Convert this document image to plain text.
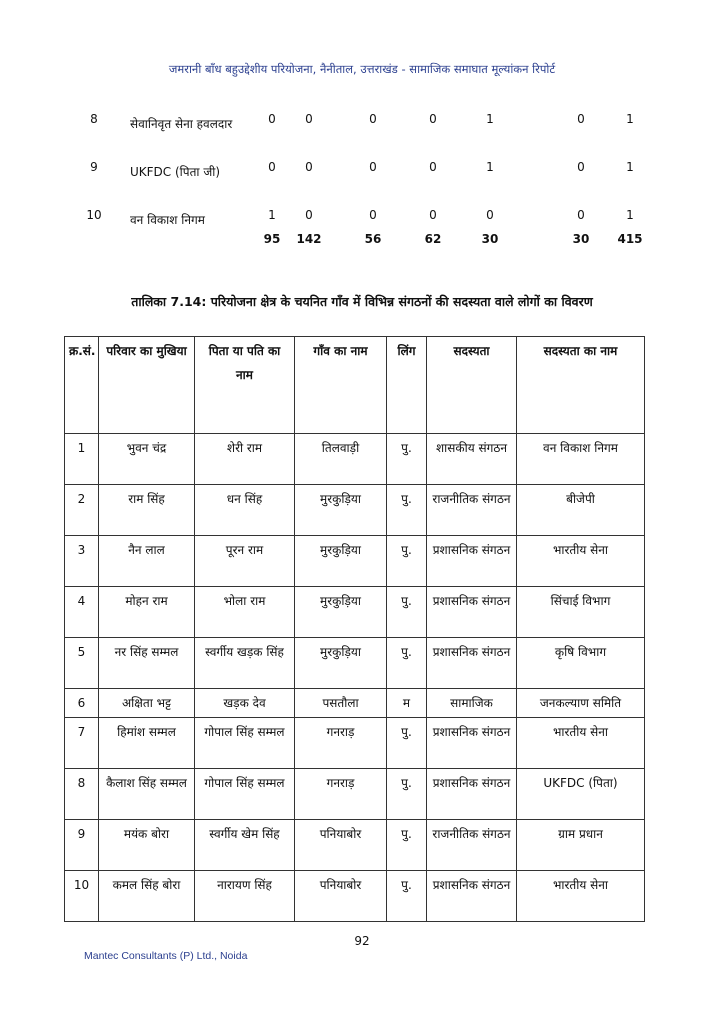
जमरानी बाँध बहुउद्देशीय परियोजना, नैनीताल, उत्तराखंड - सामाजिक समाघात मूल्यांकन रिपोर्ट
8	सेवानिवृत सेना हवलदार	0	0	0	0	1	0	1
9	UKFDC (पिता जी)	0	0	0	0	1	0	1
10 वन विकाश निगम	1	0	0	0	0	0	1
95	142	56	62	30	30	415
तालिका 7.14: परियोजना क्षेत्र के चयनित गाँव में विभिन्न संगठनों की सदस्यता वाले लोगों का विवरण
क्र.सं.	परिवार का मुखिया	पिता या पति का नाम	गाँव का नाम	लिंग	सदस्यता	सदस्यता का नाम
1	भुवन चंद्र	शेरी राम	तिलवाड़ी	पु.	शासकीय संगठन	वन विकाश निगम
2	राम सिंह	धन सिंह	मुरकुड़िया	पु.	राजनीतिक संगठन	बीजेपी
3	नैन लाल	पूरन राम	मुरकुड़िया	पु.	प्रशासनिक संगठन	भारतीय सेना
4	मोहन राम	भोला राम	मुरकुड़िया	पु.	प्रशासनिक संगठन	सिंचाई विभाग
5	नर सिंह सम्मल	स्वर्गीय खड़क सिंह	मुरकुड़िया	पु.	प्रशासनिक संगठन	कृषि विभाग
6	अक्षिता भट्ट	खड़क देव	पसतौला	म	सामाजिक	जनकल्याण समिति
7	हिमांश सम्मल	गोपाल सिंह सम्मल	गनराड़	पु.	प्रशासनिक संगठन	भारतीय सेना
8	कैलाश सिंह सम्मल	गोपाल सिंह सम्मल	गनराड़	पु.	प्रशासनिक संगठन	UKFDC (पिता)
9	मयंक बोरा	स्वर्गीय खेम सिंह	पनियाबोर	पु.	राजनीतिक संगठन	ग्राम प्रधान
10	कमल सिंह बोरा	नारायण सिंह	पनियाबोर	पु.	प्रशासनिक संगठन	भारतीय सेना
92
Mantec Consultants (P) Ltd., Noida
